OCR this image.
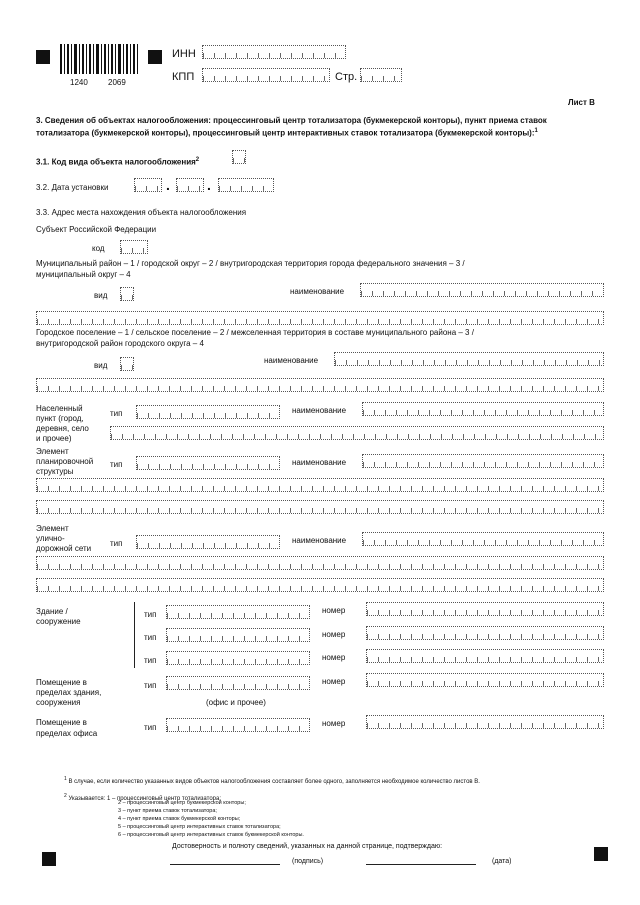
1240	2069
ИНН
КПП	Стр.
Лист В
3. Сведения об объектах налогообложения: процессинговый центр тотализатора (букмекерской конторы), пункт приема ставок
тотализатора (букмекерской конторы), процессинговый центр интерактивных ставок тотализатора (букмекерской конторы):$^1$
3.1. Код вида объекта налогообложения$^2$
3.2. Дата установки	.	.
3.3. Адрес места нахождения объекта налогообложения
Субъект Российской Федерации
код
Муниципальный район – 1 / городской округ – 2 / внутригородская территория города федерального значения – 3 /
муниципальный округ – 4
вид	наименование
Городское поселение – 1 / сельское поселение – 2 / межселенная территория в составе муниципального района – 3 /
внутригородской район городского округа – 4
вид
наименование
Населенный
пункт (город,
деревня, село
и прочее)
тип	наименование
Элемент
планировочной
структуры
тип	наименование
Элемент
улично-
дорожной сети
тип	наименование
Здание /
сооружение
тип	номер
тип	номер
тип	номер
Помещение в
пределах здания,
сооружения
тип	номер
(офис и прочее)
Помещение в
пределах офиса
тип	номер
$^1$ В случае, если количество указанных видов объектов налогообложения составляет более одного, заполняется необходимое количество листов В.
$^2$ Указывается: 1 – процессинговый центр тотализатора;
2 – процессинговый центр букмекерской конторы;
3 – пункт приема ставок тотализатора;
4 – пункт приема ставок букмекерской конторы;
5 – процессинговый центр интерактивных ставок тотализатора;
6 – процессинговый центр интерактивных ставок букмекерской конторы.
Достоверность и полноту сведений, указанных на данной странице, подтверждаю:
(подпись)	(дата)
